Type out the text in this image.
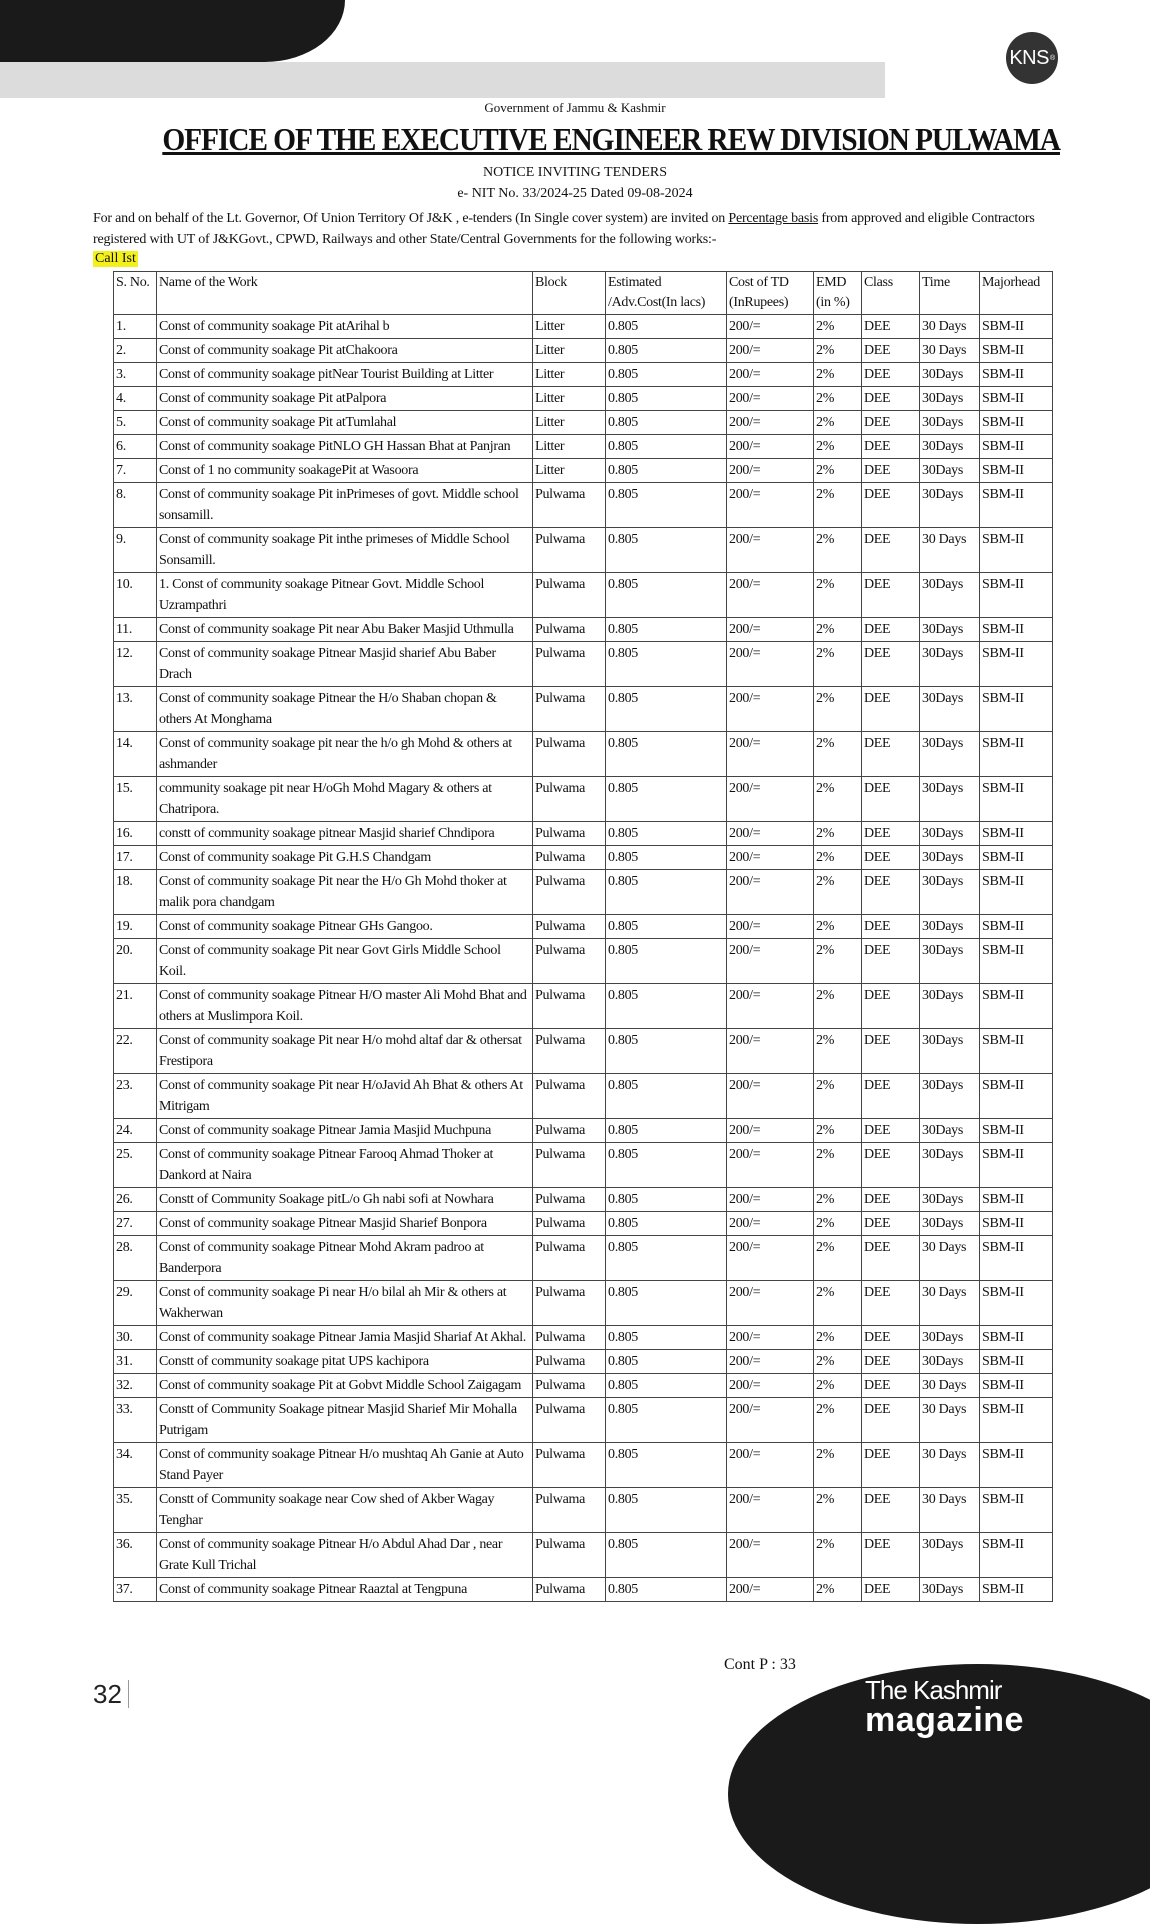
KNS ®
Government of Jammu & Kashmir
OFFICE OF THE EXECUTIVE ENGINEER REW DIVISION PULWAMA
NOTICE INVITING TENDERS
e- NIT No. 33/2024-25 Dated 09-08-2024
For and on behalf of the Lt. Governor, Of Union Territory Of J&K , e-tenders (In Single cover system) are invited on Percentage basis from approved and eligible Contractors registered with UT of J&KGovt., CPWD, Railways and other State/Central Governments for the following works:-
Call Ist
S. No.	Name of the Work	Block	Estimated /Adv.Cost(In lacs)	Cost of TD (InRupees)	EMD (in %)	Class	Time	Majorhead
1.	Const of community soakage Pit atArihal b	Litter	0.805	200/=	2%	DEE	30 Days	SBM-II
2.	Const of community soakage Pit atChakoora	Litter	0.805	200/=	2%	DEE	30 Days	SBM-II
3.	Const of community soakage pitNear Tourist Building at Litter	Litter	0.805	200/=	2%	DEE	30Days	SBM-II
4.	Const of community soakage Pit atPalpora	Litter	0.805	200/=	2%	DEE	30Days	SBM-II
5.	Const of community soakage Pit atTumlahal	Litter	0.805	200/=	2%	DEE	30Days	SBM-II
6.	Const of community soakage PitNLO GH Hassan Bhat at Panjran	Litter	0.805	200/=	2%	DEE	30Days	SBM-II
7.	Const of 1 no community soakagePit at Wasoora	Litter	0.805	200/=	2%	DEE	30Days	SBM-II
8.	Const of community soakage Pit inPrimeses of govt. Middle school sonsamill.	Pulwama	0.805	200/=	2%	DEE	30Days	SBM-II
9.	Const of community soakage Pit inthe primeses of Middle School Sonsamill.	Pulwama	0.805	200/=	2%	DEE	30 Days	SBM-II
10.	1. Const of community soakage Pitnear Govt. Middle School Uzrampathri	Pulwama	0.805	200/=	2%	DEE	30Days	SBM-II
11.	Const of community soakage Pit near Abu Baker Masjid Uthmulla	Pulwama	0.805	200/=	2%	DEE	30Days	SBM-II
12.	Const of community soakage Pitnear Masjid sharief Abu Baber Drach	Pulwama	0.805	200/=	2%	DEE	30Days	SBM-II
13.	Const of community soakage Pitnear the H/o Shaban chopan & others At Monghama	Pulwama	0.805	200/=	2%	DEE	30Days	SBM-II
14.	Const of community soakage pit near the h/o gh Mohd & others at ashmander	Pulwama	0.805	200/=	2%	DEE	30Days	SBM-II
15.	community soakage pit near H/oGh Mohd Magary & others at Chatripora.	Pulwama	0.805	200/=	2%	DEE	30Days	SBM-II
16.	constt of community soakage pitnear Masjid sharief Chndipora	Pulwama	0.805	200/=	2%	DEE	30Days	SBM-II
17.	Const of community soakage Pit G.H.S Chandgam	Pulwama	0.805	200/=	2%	DEE	30Days	SBM-II
18.	Const of community soakage Pit near the H/o Gh Mohd thoker at malik pora chandgam	Pulwama	0.805	200/=	2%	DEE	30Days	SBM-II
19.	Const of community soakage Pitnear GHs Gangoo.	Pulwama	0.805	200/=	2%	DEE	30Days	SBM-II
20.	Const of community soakage Pit near Govt Girls Middle School Koil.	Pulwama	0.805	200/=	2%	DEE	30Days	SBM-II
21.	Const of community soakage Pitnear H/O master Ali Mohd Bhat and others at Muslimpora Koil.	Pulwama	0.805	200/=	2%	DEE	30Days	SBM-II
22.	Const of community soakage Pit near H/o mohd altaf dar & othersat Frestipora	Pulwama	0.805	200/=	2%	DEE	30Days	SBM-II
23.	Const of community soakage Pit near H/oJavid Ah Bhat & others At Mitrigam	Pulwama	0.805	200/=	2%	DEE	30Days	SBM-II
24.	Const of community soakage Pitnear Jamia Masjid Muchpuna	Pulwama	0.805	200/=	2%	DEE	30Days	SBM-II
25.	Const of community soakage Pitnear Farooq Ahmad Thoker at Dankord at Naira	Pulwama	0.805	200/=	2%	DEE	30Days	SBM-II
26.	Constt of Community Soakage pitL/o Gh nabi sofi at Nowhara	Pulwama	0.805	200/=	2%	DEE	30Days	SBM-II
27.	Const of community soakage Pitnear Masjid Sharief Bonpora	Pulwama	0.805	200/=	2%	DEE	30Days	SBM-II
28.	Const of community soakage Pitnear Mohd Akram padroo at Banderpora	Pulwama	0.805	200/=	2%	DEE	30 Days	SBM-II
29.	Const of community soakage Pi near H/o bilal ah Mir & others at Wakherwan	Pulwama	0.805	200/=	2%	DEE	30 Days	SBM-II
30.	Const of community soakage Pitnear Jamia Masjid Shariaf At Akhal.	Pulwama	0.805	200/=	2%	DEE	30Days	SBM-II
31.	Constt of community soakage pitat UPS kachipora	Pulwama	0.805	200/=	2%	DEE	30Days	SBM-II
32.	Const of community soakage Pit at Gobvt Middle School Zaigagam	Pulwama	0.805	200/=	2%	DEE	30 Days	SBM-II
33.	Constt of Community Soakage pitnear Masjid Sharief Mir Mohalla Putrigam	Pulwama	0.805	200/=	2%	DEE	30 Days	SBM-II
34.	Const of community soakage Pitnear H/o mushtaq Ah Ganie at Auto Stand Payer	Pulwama	0.805	200/=	2%	DEE	30 Days	SBM-II
35.	Constt of Community soakage near Cow shed of Akber Wagay Tenghar	Pulwama	0.805	200/=	2%	DEE	30 Days	SBM-II
36.	Const of community soakage Pitnear H/o Abdul Ahad Dar , near Grate Kull Trichal	Pulwama	0.805	200/=	2%	DEE	30Days	SBM-II
37.	Const of community soakage Pitnear Raaztal at Tengpuna	Pulwama	0.805	200/=	2%	DEE	30Days	SBM-II
Cont P : 33
The Kashmir
magazine
32
